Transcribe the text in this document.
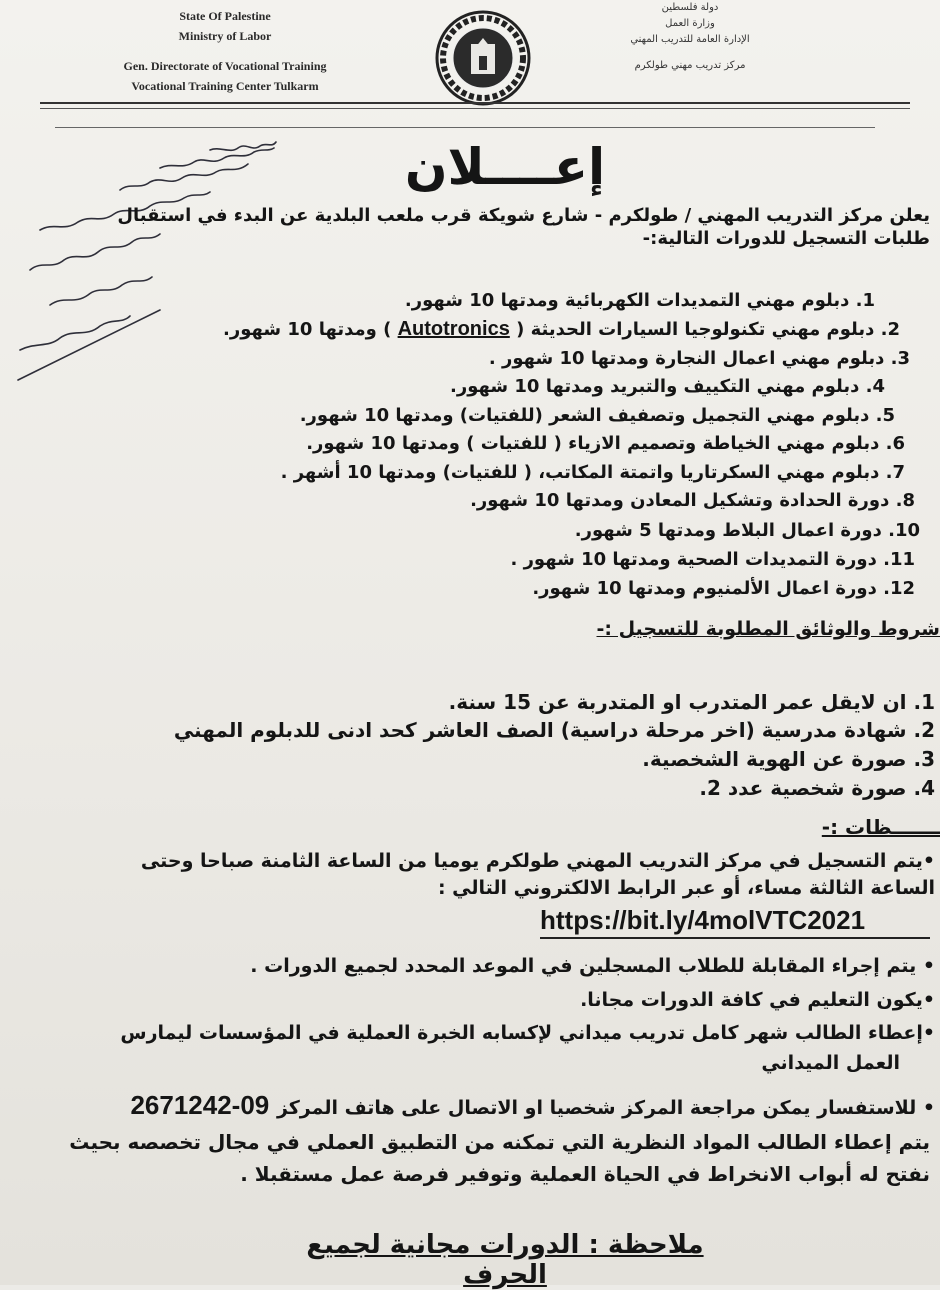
State Of Palestine
Ministry of Labor
Gen. Directorate of Vocational Training
Vocational Training Center Tulkarm
دولة فلسطين
وزارة العمل
الإدارة العامة للتدريب المهني
مركز تدريب مهني طولكرم
إعــــلان
يعلن مركز التدريب المهني / طولكرم - شارع شويكة قرب ملعب البلدية عن البدء في استقبال
طلبات التسجيل للدورات التالية:-
1. دبلوم مهني التمديدات الكهربائية ومدتها 10 شهور.
2. دبلوم مهني تكنولوجيا السيارات الحديثة ( Autotronics ) ومدتها 10 شهور.
3. دبلوم مهني اعمال النجارة ومدتها 10 شهور .
4. دبلوم مهني التكييف والتبريد ومدتها 10 شهور.
5. دبلوم مهني التجميل وتصفيف الشعر (للفتيات) ومدتها 10 شهور.
6. دبلوم مهني الخياطة وتصميم الازياء ( للفتيات ) ومدتها 10 شهور.
7. دبلوم مهني السكرتاريا واتمتة المكاتب، ( للفتيات) ومدتها 10 أشهر .
8. دورة الحدادة وتشكيل المعادن ومدتها 10 شهور.
10. دورة اعمال البلاط ومدتها 5 شهور.
11. دورة التمديدات الصحية ومدتها 10 شهور .
12. دورة اعمال الألمنيوم ومدتها 10 شهور.
شروط والوثائق المطلوبة للتسجيل :-
1. ان لايقل عمر المتدرب او المتدربة عن 15 سنة.
2. شهادة مدرسية (اخر مرحلة دراسية) الصف العاشر كحد ادنى للدبلوم المهني
3. صورة عن الهوية الشخصية.
4. صورة شخصية عدد 2.
ـــــــظات :-
•يتم التسجيل في مركز التدريب المهني طولكرم يوميا من الساعة الثامنة صباحا وحتى
الساعة الثالثة مساء، أو عبر الرابط الالكتروني التالي :
https://bit.ly/4molVTC2021
• يتم إجراء المقابلة للطلاب المسجلين في الموعد المحدد لجميع الدورات .
•يكون التعليم في كافة الدورات مجانا.
•إعطاء الطالب شهر كامل تدريب ميداني لإكسابه الخبرة العملية في المؤسسات ليمارس
العمل الميداني
• للاستفسار يمكن مراجعة المركز شخصيا او الاتصال على هاتف المركز 09-2671242
يتم إعطاء الطالب المواد النظرية التي تمكنه من التطبيق العملي في مجال تخصصه بحيث
نفتح له أبواب الانخراط في الحياة العملية وتوفير فرصة عمل مستقبلا .
ملاحظة : الدورات مجانية لجميع الحرف
